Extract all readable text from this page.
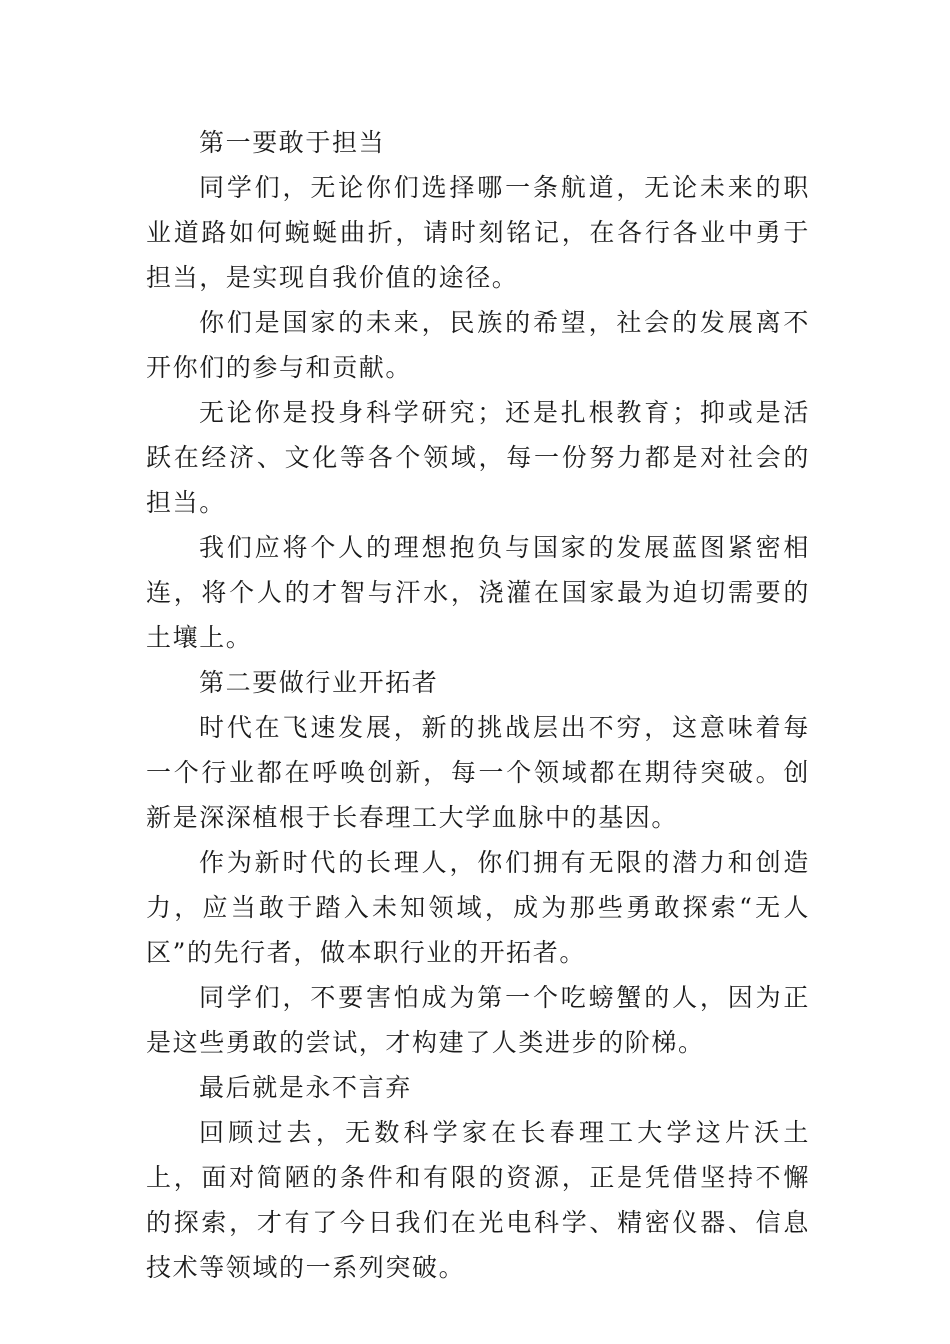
第一要敢于担当

同学们，无论你们选择哪一条航道，无论未来的职业道路如何蜿蜒曲折，请时刻铭记，在各行各业中勇于担当，是实现自我价值的途径。

你们是国家的未来，民族的希望，社会的发展离不开你们的参与和贡献。

无论你是投身科学研究；还是扎根教育；抑或是活跃在经济、文化等各个领域，每一份努力都是对社会的担当。

我们应将个人的理想抱负与国家的发展蓝图紧密相连，将个人的才智与汗水，浇灌在国家最为迫切需要的土壤上。

第二要做行业开拓者

时代在飞速发展，新的挑战层出不穷，这意味着每一个行业都在呼唤创新，每一个领域都在期待突破。创新是深深植根于长春理工大学血脉中的基因。

作为新时代的长理人，你们拥有无限的潜力和创造力，应当敢于踏入未知领域，成为那些勇敢探索“无人区”的先行者，做本职行业的开拓者。

同学们，不要害怕成为第一个吃螃蟹的人，因为正是这些勇敢的尝试，才构建了人类进步的阶梯。

最后就是永不言弃

回顾过去，无数科学家在长春理工大学这片沃土上，面对简陋的条件和有限的资源，正是凭借坚持不懈的探索，才有了今日我们在光电科学、精密仪器、信息技术等领域的一系列突破。
